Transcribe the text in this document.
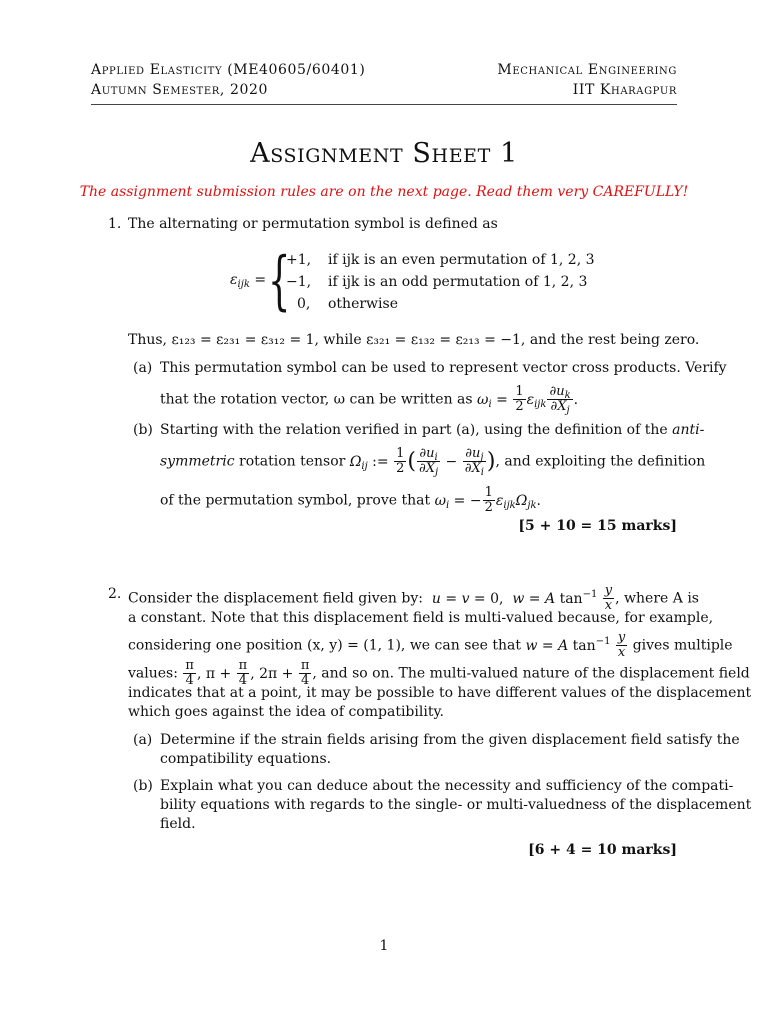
Applied Elasticity (ME40605/60401)
Autumn Semester, 2020
Mechanical Engineering
IIT Kharagpur
Assignment Sheet 1
The assignment submission rules are on the next page. Read them very CAREFULLY!
1. The alternating or permutation symbol is defined as
$\varepsilon_{ijk}$ = {
+1, if ijk is an even permutation of 1, 2, 3
−1, if ijk is an odd permutation of 1, 2, 3
0, otherwise
Thus, ε₁₂₃ = ε₂₃₁ = ε₃₁₂ = 1, while ε₃₂₁ = ε₁₃₂ = ε₂₁₃ = −1, and the rest being zero.
(a) This permutation symbol can be used to represent vector cross products. Verify
that the rotation vector, ω can be written as $\omega_i = \frac{1}{2} \varepsilon_{ijk} \frac{\partial u_k}{\partial X_j}$ .
(b) Starting with the relation verified in part (a), using the definition of the anti-
symmetric rotation tensor $\Omega_{ij}$ := $\frac{1}{2}$ ( $\frac{\partial u_i}{\partial X_j} - \frac{\partial u_j}{\partial X_i}$ ), and exploiting the definition
of the permutation symbol, prove that $\omega_i$ = − $\frac{1}{2} \varepsilon_{ijk}\Omega_{jk}$.
[5 + 10 = 15 marks]
2. Consider the displacement field given by: u = v = 0,  w = A $\tan^{-1} \frac{y}{x}$ , where A is
a constant. Note that this displacement field is multi-valued because, for example,
considering one position (x, y) = (1, 1), we can see that w = A $\tan^{-1} \frac{y}{x}$ gives multiple
values: $\frac{\pi}{4}$ , $\pi + \frac{\pi}{4}$ , $2\pi + \frac{\pi}{4}$ , and so on. The multi-valued nature of the displacement field
indicates that at a point, it may be possible to have different values of the displacement
which goes against the idea of compatibility.
(a) Determine if the strain fields arising from the given displacement field satisfy the
compatibility equations.
(b) Explain what you can deduce about the necessity and sufficiency of the compati-
bility equations with regards to the single- or multi-valuedness of the displacement
field.
[6 + 4 = 10 marks]
1
